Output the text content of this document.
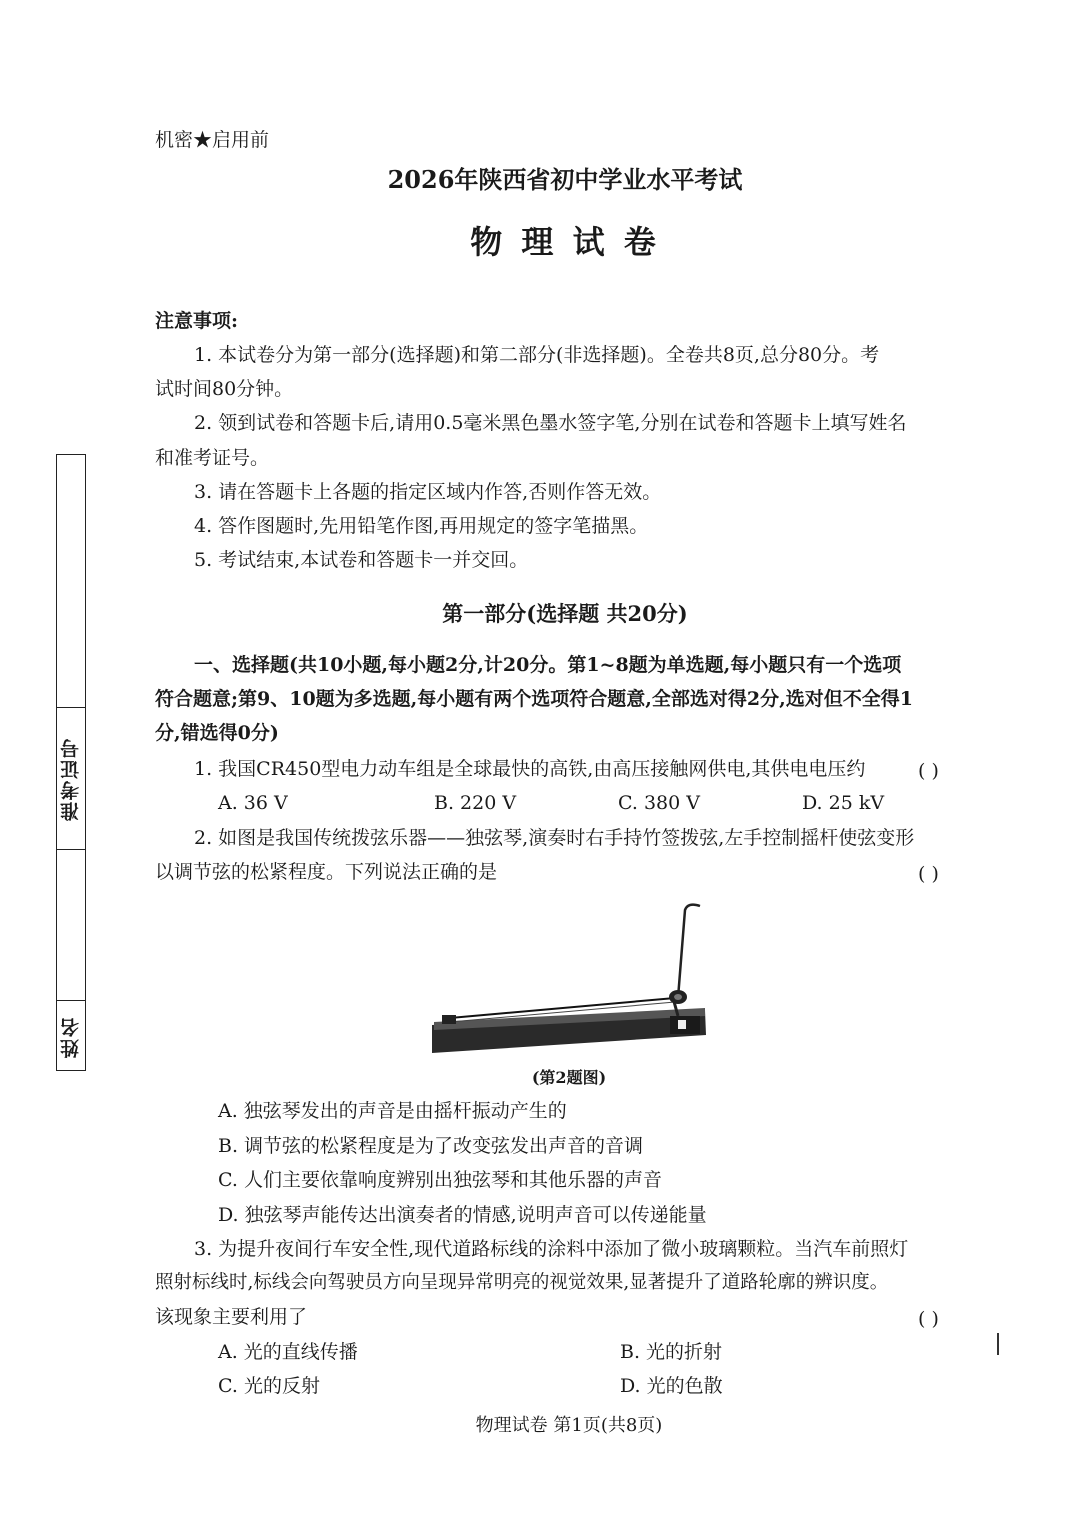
机密★启用前
2026年陕西省初中学业水平考试
物 理 试 卷
注意事项:
1. 本试卷分为第一部分(选择题)和第二部分(非选择题)。全卷共8页,总分80分。考
试时间80分钟。
2. 领到试卷和答题卡后,请用0.5毫米黑色墨水签字笔,分别在试卷和答题卡上填写姓名
和准考证号。
3. 请在答题卡上各题的指定区域内作答,否则作答无效。
4. 答作图题时,先用铅笔作图,再用规定的签字笔描黑。
5. 考试结束,本试卷和答题卡一并交回。
第一部分(选择题 共20分)
一、选择题(共10小题,每小题2分,计20分。第1~8题为单选题,每小题只有一个选项
符合题意;第9、10题为多选题,每小题有两个选项符合题意,全部选对得2分,选对但不全得1
分,错选得0分)
1. 我国CR450型电力动车组是全球最快的高铁,由高压接触网供电,其供电电压约	( )
A. 36 V	B. 220 V	C. 380 V	D. 25 kV
2. 如图是我国传统拨弦乐器——独弦琴,演奏时右手持竹签拨弦,左手控制摇杆使弦变形
以调节弦的松紧程度。下列说法正确的是	( )
(第2题图)
A. 独弦琴发出的声音是由摇杆振动产生的
B. 调节弦的松紧程度是为了改变弦发出声音的音调
C. 人们主要依靠响度辨别出独弦琴和其他乐器的声音
D. 独弦琴声能传达出演奏者的情感,说明声音可以传递能量
3. 为提升夜间行车安全性,现代道路标线的涂料中添加了微小玻璃颗粒。当汽车前照灯
照射标线时,标线会向驾驶员方向呈现异常明亮的视觉效果,显著提升了道路轮廓的辨识度。
该现象主要利用了	( )
A. 光的直线传播	B. 光的折射
C. 光的反射	D. 光的色散
准考证号
姓名
物理试卷 第1页(共8页)
